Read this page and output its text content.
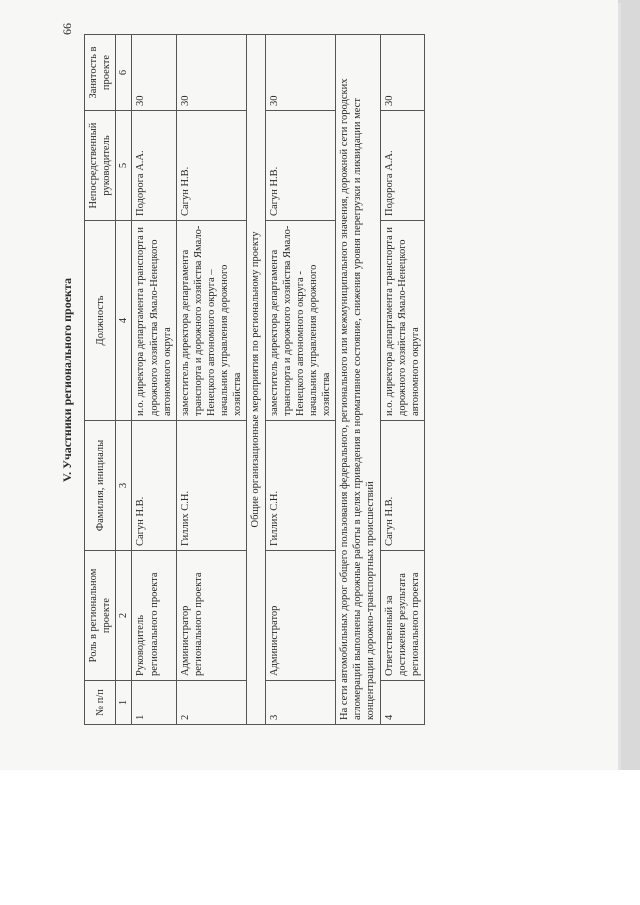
66
V. Участники регионального проекта
№ п/п	Роль в региональном проекте	Фамилия, инициалы	Должность	Непосредственный руководитель	Занятость в проекте
1	2	3	4	5	6
1	Руководитель регионального проекта	Сагун Н.В.	и.о. директора департамента транспорта и дорожного хозяйства Ямало-Ненецкого автономного округа	Подорога А.А.	30
2	Администратор регионального проекта	Гиллих С.Н.	заместитель директора департамента транспорта и дорожного хозяйства Ямало-Ненецкого автономного округа – начальник управления дорожного хозяйства	Сагун Н.В.	30
Общие организационные мероприятия по региональному проекту					
3	Администратор	Гиллих С.Н.	заместитель директора департамента транспорта и дорожного хозяйства Ямало-Ненецкого автономного округа - начальник управления дорожного хозяйства	Сагун Н.В.	30
На сети автомобильных дорог общего пользования федерального, регионального или межмуниципального значения, дорожной сети городских агломераций выполнены дорожные работы в целях приведения в нормативное состояние, снижения уровня перегрузки и ликвидации мест концентрации дорожно-транспортных происшествий					
4	Ответственный за достижение результата регионального проекта	Сагун Н.В.	и.о. директора департамента транспорта и дорожного хозяйства Ямало-Ненецкого автономного округа	Подорога А.А.	30
